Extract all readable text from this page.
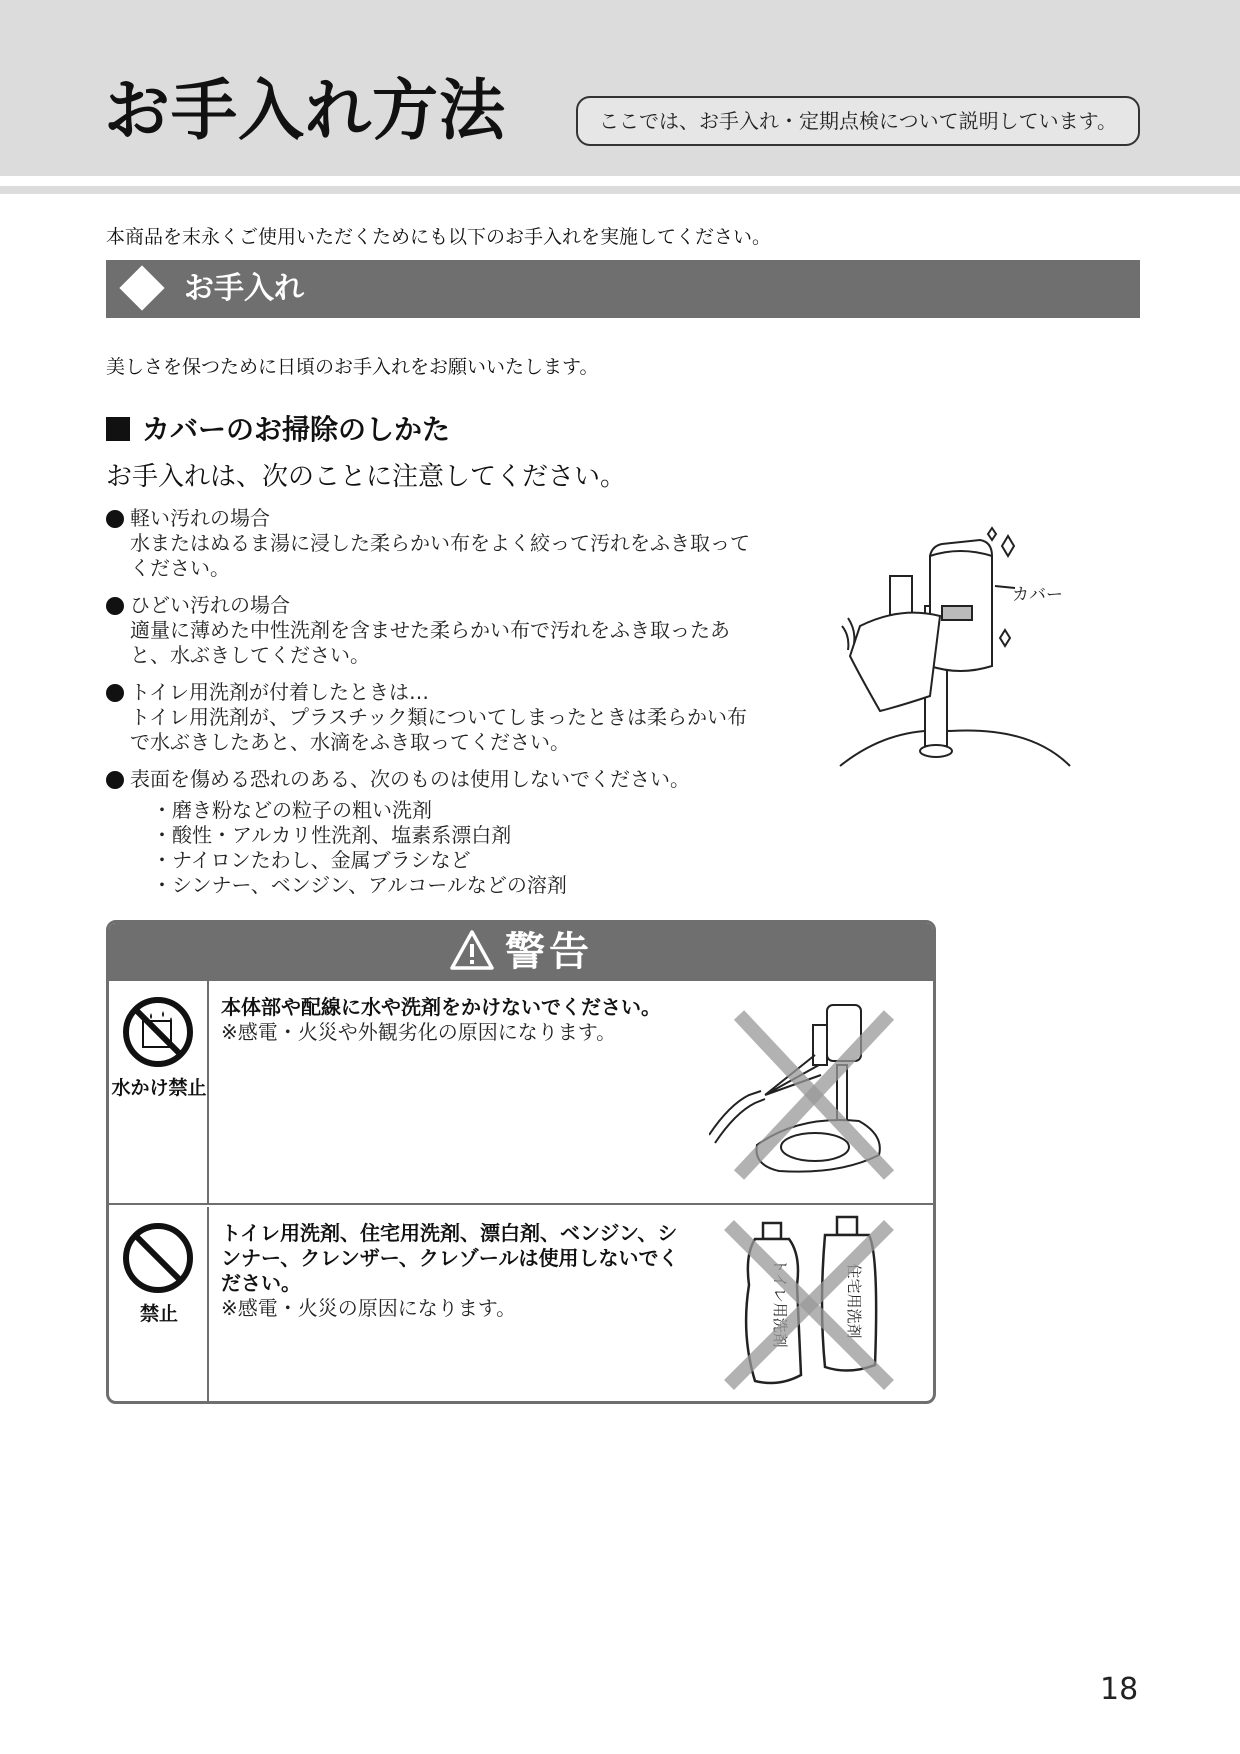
お手入れ方法	ここでは、お手入れ・定期点検について説明しています。

本商品を末永くご使用いただくためにも以下のお手入れを実施してください。

お手入れ

美しさを保つために日頃のお手入れをお願いいたします。

カバーのお掃除のしかた

お手入れは、次のことに注意してください。

軽い汚れの場合
水またはぬるま湯に浸した柔らかい布をよく絞って汚れをふき取ってください。
ひどい汚れの場合
適量に薄めた中性洗剤を含ませた柔らかい布で汚れをふき取ったあと、水ぶきしてください。
トイレ用洗剤が付着したときは…
トイレ用洗剤が、プラスチック類についてしまったときは柔らかい布で水ぶきしたあと、水滴をふき取ってください。
表面を傷める恐れのある、次のものは使用しないでください。
・磨き粉などの粒子の粗い洗剤
・酸性・アルカリ性洗剤、塩素系漂白剤
・ナイロンたわし、金属ブラシなど
・シンナー、ベンジン、アルコールなどの溶剤
カバー
警告
水かけ禁止
本体部や配線に水や洗剤をかけないでください。
※感電・火災や外観劣化の原因になります。
禁止
トイレ用洗剤、住宅用洗剤、漂白剤、ベンジン、シンナー、クレンザー、クレゾールは使用しないでください。
※感電・火災の原因になります。	トイレ用洗剤	住宅用洗剤
18
